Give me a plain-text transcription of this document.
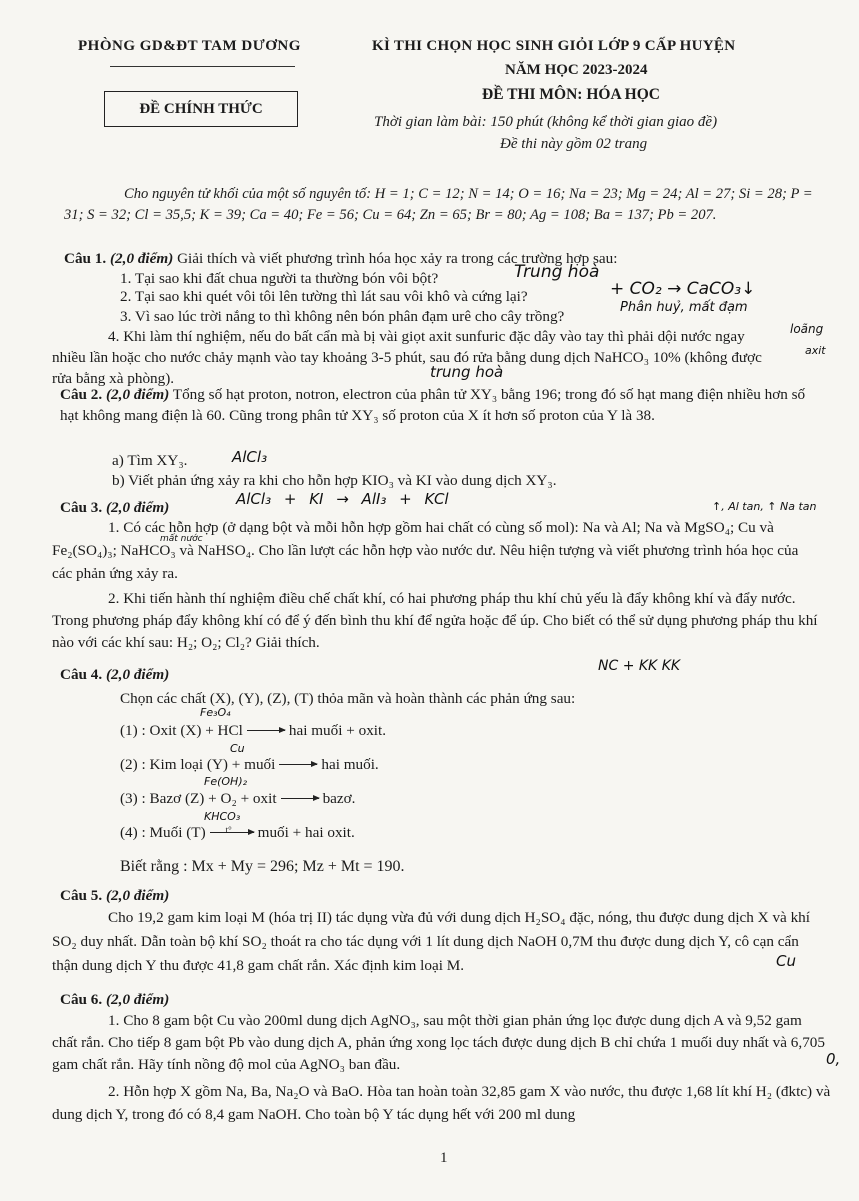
PHÒNG GD&ĐT TAM DƯƠNG	KÌ THI CHỌN HỌC SINH GIỎI LỚP 9 CẤP HUYỆN
NĂM HỌC 2023-2024
ĐỀ THI MÔN: HÓA HỌC
ĐỀ CHÍNH THỨC
Thời gian làm bài: 150 phút (không kể thời gian giao đề)
Đề thi này gồm 02 trang
Cho nguyên tử khối của một số nguyên tố: H = 1; C = 12; N = 14; O = 16; Na = 23; Mg = 24; Al = 27; Si = 28; P = 31; S = 32; Cl = 35,5; K = 39; Ca = 40; Fe = 56; Cu = 64; Zn = 65; Br = 80; Ag = 108; Ba = 137; Pb = 207.
Câu 1. (2,0 điểm) Giải thích và viết phương trình hóa học xảy ra trong các trường hợp sau:
1. Tại sao khi đất chua người ta thường bón vôi bột?
2. Tại sao khi quét vôi tôi lên tường thì lát sau vôi khô và cứng lại?
3. Vì sao lúc trời nắng to thì không nên bón phân đạm urê cho cây trồng?
4. Khi làm thí nghiệm, nếu do bất cẩn mà bị vài giọt axit sunfuric đặc dây vào tay thì phải dội nước ngay nhiều lần hoặc cho nước chảy mạnh vào tay khoảng 3-5 phút, sau đó rửa bằng dung dịch NaHCO₃ 10% (không được rửa bằng xà phòng).
Câu 2. (2,0 điểm) Tổng số hạt proton, notron, electron của phân tử XY₃ bằng 196; trong đó số hạt mang điện nhiều hơn số hạt không mang điện là 60. Cũng trong phân tử XY₃ số proton của X ít hơn số proton của Y là 38.
a) Tìm XY₃.
b) Viết phản ứng xảy ra khi cho hỗn hợp KIO₃ và KI vào dung dịch XY₃.
Câu 3. (2,0 điểm)
1. Có các hỗn hợp (ở dạng bột và mỗi hỗn hợp gồm hai chất có cùng số mol): Na và Al; Na và MgSO₄; Cu và Fe₂(SO₄)₃; NaHCO₃ và NaHSO₄. Cho lần lượt các hỗn hợp vào nước dư. Nêu hiện tượng và viết phương trình hóa học của các phản ứng xảy ra.
2. Khi tiến hành thí nghiệm điều chế chất khí, có hai phương pháp thu khí chủ yếu là đẩy không khí và đẩy nước. Trong phương pháp đẩy không khí có để ý đến bình thu khí để ngửa hoặc để úp. Cho biết có thể sử dụng phương pháp thu khí nào với các khí sau: H₂; O₂; Cl₂? Giải thích.
Câu 4. (2,0 điểm)
Chọn các chất (X), (Y), (Z), (T) thỏa mãn và hoàn thành các phản ứng sau:
(1) : Oxit (X) + HCl	hai muối + oxit.
(2) : Kim loại (Y) + muối	hai muối.
(3) : Bazơ (Z) + O₂ + oxit	bazơ.
(4) : Muối (T) t° muối + hai oxit.
Biết rằng : Mx + My = 296; Mz + Mt = 190.
Câu 5. (2,0 điểm)
Cho 19,2 gam kim loại M (hóa trị II) tác dụng vừa đủ với dung dịch H₂SO₄ đặc, nóng, thu được dung dịch X và khí SO₂ duy nhất. Dẫn toàn bộ khí SO₂ thoát ra cho tác dụng với 1 lít dung dịch NaOH 0,7M thu được dung dịch Y, cô cạn cẩn thận dung dịch Y thu được 41,8 gam chất rắn. Xác định kim loại M.
Câu 6. (2,0 điểm)
1. Cho 8 gam bột Cu vào 200ml dung dịch AgNO₃, sau một thời gian phản ứng lọc được dung dịch A và 9,52 gam chất rắn. Cho tiếp 8 gam bột Pb vào dung dịch A, phản ứng xong lọc tách được dung dịch B chỉ chứa 1 muối duy nhất và 6,705 gam chất rắn. Hãy tính nồng độ mol của AgNO₃ ban đầu.
2. Hỗn hợp X gồm Na, Ba, Na₂O và BaO. Hòa tan hoàn toàn 32,85 gam X vào nước, thu được 1,68 lít khí H₂ (đktc) và dung dịch Y, trong đó có 8,4 gam NaOH. Cho toàn bộ Y tác dụng hết với 200 ml dung
1
Trung hoà
+ CO₂ → CaCO₃↓
Phân huỷ, mất đạm
loãng
axit
trung hoà
AlCl₃
AlCl₃ + KI → AlI₃ + KCl	↑, Al tan, ↑ Na tan
mất nước
NC + KK KK
Fe₃O₄
Cu
Fe(OH)₂
KHCO₃
Cu
0,
